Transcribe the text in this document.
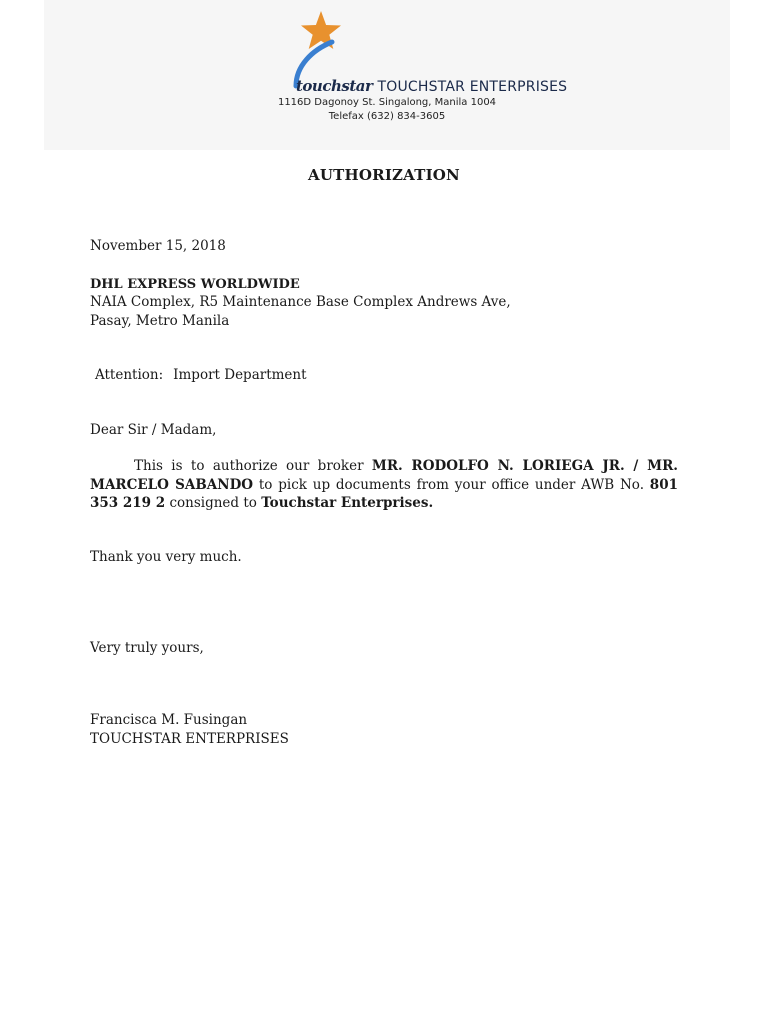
touchstar TOUCHSTAR ENTERPRISES
1116D Dagonoy St. Singalong, Manila 1004
Telefax (632) 834-3605
AUTHORIZATION
November 15, 2018
DHL EXPRESS WORLDWIDE
NAIA Complex, R5 Maintenance Base Complex Andrews Ave,
Pasay, Metro Manila
Attention: Import Department
Dear Sir / Madam,
This is to authorize our broker MR. RODOLFO N. LORIEGA JR. / MR. MARCELO SABANDO to pick up documents from your office under AWB No. 801 353 219 2 consigned to Touchstar Enterprises.
Thank you very much.
Very truly yours,
Francisca M. Fusingan
TOUCHSTAR ENTERPRISES
